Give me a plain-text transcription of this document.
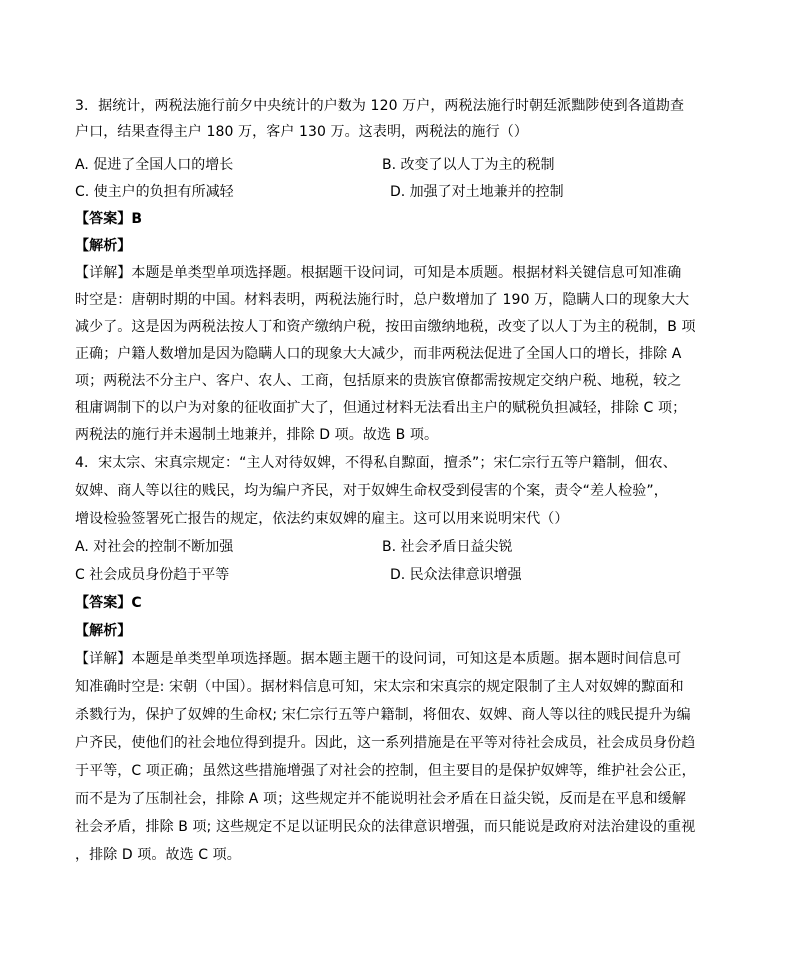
3．据统计，两税法施行前夕中央统计的户数为 120 万户，两税法施行时朝廷派黜陟使到各道勘查
户口，结果查得主户 180 万，客户 130 万。这表明，两税法的施行（）
A. 促进了全国人口的增长	B. 改变了以人丁为主的税制
C. 使主户的负担有所减轻	D. 加强了对土地兼并的控制
【答案】B
【解析】
【详解】本题是单类型单项选择题。根据题干设问词，可知是本质题。根据材料关键信息可知准确
时空是：唐朝时期的中国。材料表明，两税法施行时，总户数增加了 190 万，隐瞒人口的现象大大
减少了。这是因为两税法按人丁和资产缴纳户税，按田亩缴纳地税，改变了以人丁为主的税制，B 项
正确；户籍人数增加是因为隐瞒人口的现象大大减少，而非两税法促进了全国人口的增长，排除 A
项；两税法不分主户、客户、农人、工商，包括原来的贵族官僚都需按规定交纳户税、地税，较之
租庸调制下的以户为对象的征收面扩大了，但通过材料无法看出主户的赋税负担减轻，排除 C 项；
两税法的施行并未遏制土地兼并，排除 D 项。故选 B 项。
4．宋太宗、宋真宗规定：“主人对待奴婢，不得私自黥面，擅杀”；宋仁宗行五等户籍制，佃农、
奴婢、商人等以往的贱民，均为编户齐民，对于奴婢生命权受到侵害的个案，责令“差人检验”，
增设检验签署死亡报告的规定，依法约束奴婢的雇主。这可以用来说明宋代（）
A. 对社会的控制不断加强	B. 社会矛盾日益尖锐
C 社会成员身份趋于平等	D. 民众法律意识增强
【答案】C
【解析】
【详解】本题是单类型单项选择题。据本题主题干的设问词，可知这是本质题。据本题时间信息可
知准确时空是: 宋朝（中国）。据材料信息可知，宋太宗和宋真宗的规定限制了主人对奴婢的黥面和
杀戮行为，保护了奴婢的生命权; 宋仁宗行五等户籍制，将佃农、奴婢、商人等以往的贱民提升为编
户齐民，使他们的社会地位得到提升。因此，这一系列措施是在平等对待社会成员，社会成员身份趋
于平等，C 项正确；虽然这些措施增强了对社会的控制，但主要目的是保护奴婢等，维护社会公正，
而不是为了压制社会，排除 A 项；这些规定并不能说明社会矛盾在日益尖锐，反而是在平息和缓解
社会矛盾，排除 B 项; 这些规定不足以证明民众的法律意识增强，而只能说是政府对法治建设的重视
，排除 D 项。故选 C 项。
